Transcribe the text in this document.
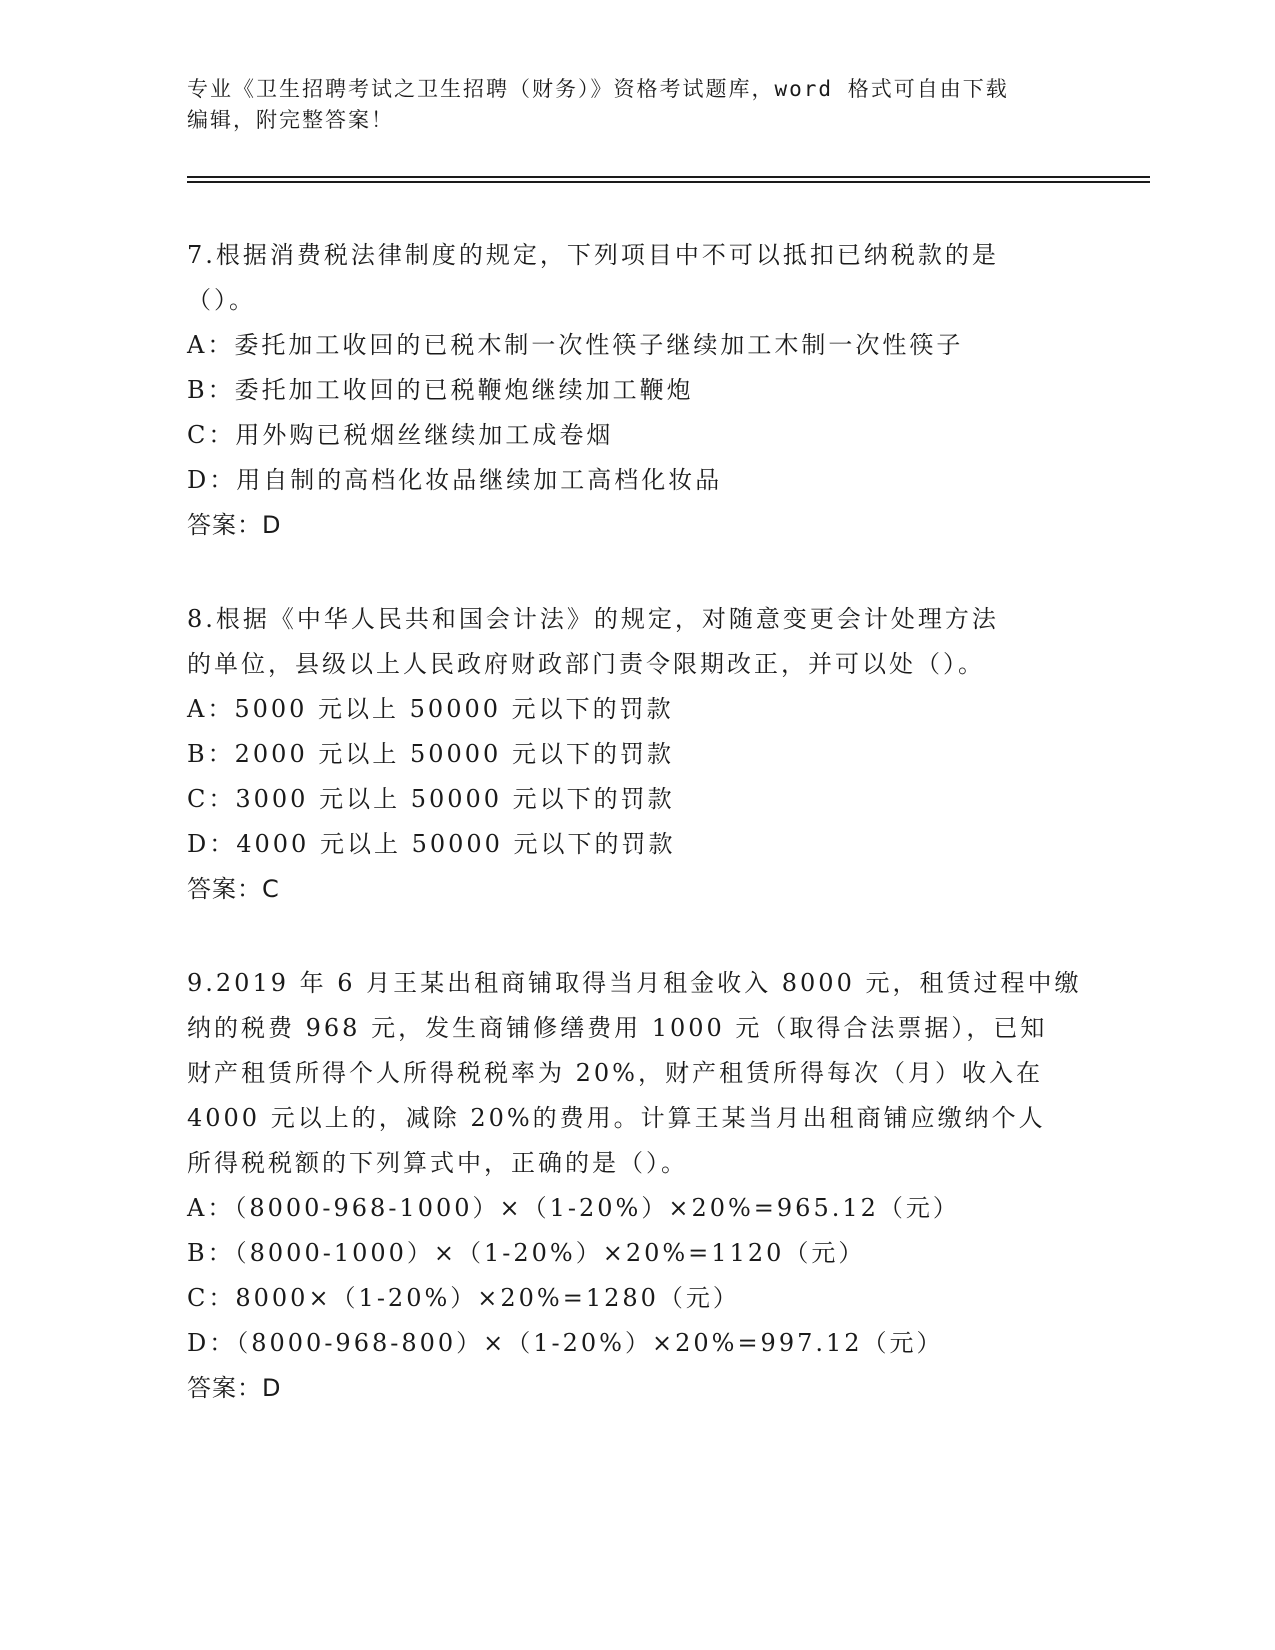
专业《卫生招聘考试之卫生招聘（财务）》资格考试题库，word 格式可自由下载
编辑，附完整答案！

7.根据消费税法律制度的规定，下列项目中不可以抵扣已纳税款的是

（）。

A：委托加工收回的已税木制一次性筷子继续加工木制一次性筷子

B：委托加工收回的已税鞭炮继续加工鞭炮

C：用外购已税烟丝继续加工成卷烟

D：用自制的高档化妆品继续加工高档化妆品

答案：D

8.根据《中华人民共和国会计法》的规定，对随意变更会计处理方法

的单位，县级以上人民政府财政部门责令限期改正，并可以处（）。

A：5000 元以上 50000 元以下的罚款

B：2000 元以上 50000 元以下的罚款

C：3000 元以上 50000 元以下的罚款

D：4000 元以上 50000 元以下的罚款

答案：C

9.2019 年 6 月王某出租商铺取得当月租金收入 8000 元，租赁过程中缴

纳的税费 968 元，发生商铺修缮费用 1000 元（取得合法票据），已知

财产租赁所得个人所得税税率为 20%，财产租赁所得每次（月）收入在

4000 元以上的，减除 20%的费用。计算王某当月出租商铺应缴纳个人

所得税税额的下列算式中，正确的是（）。

A：（8000-968-1000）×（1-20%）×20%=965.12（元）

B：（8000-1000）×（1-20%）×20%=1120（元）

C：8000×（1-20%）×20%=1280（元）

D：（8000-968-800）×（1-20%）×20%=997.12（元）

答案：D
